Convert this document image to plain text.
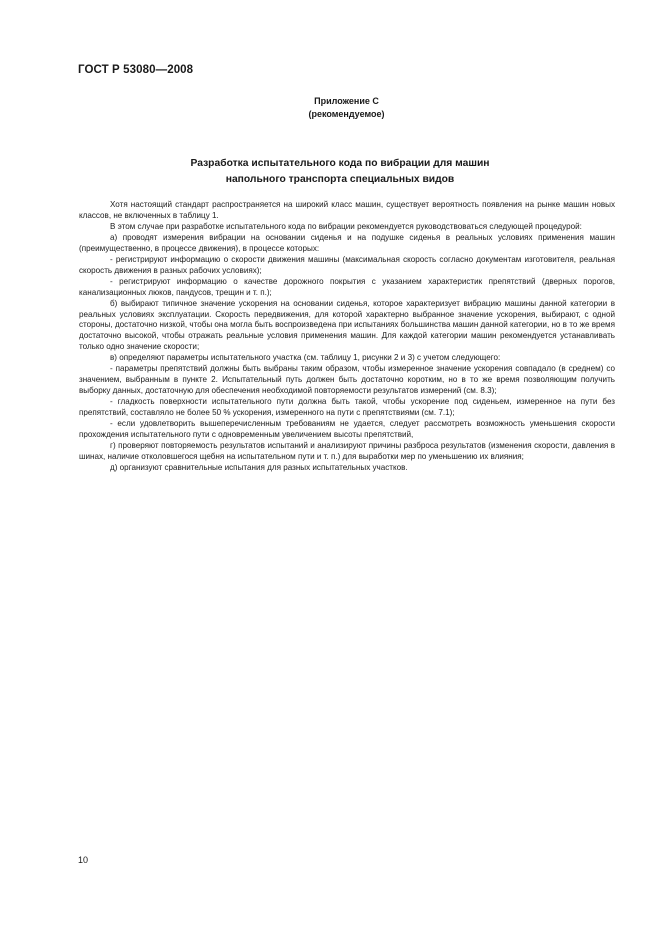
ГОСТ Р 53080—2008
Приложение С
(рекомендуемое)
Разработка испытательного кода по вибрации для машин
напольного транспорта специальных видов

Хотя настоящий стандарт распространяется на широкий класс машин, существует вероятность появления на рынке машин новых классов, не включенных в таблицу 1.

В этом случае при разработке испытательного кода по вибрации рекомендуется руководствоваться следующей процедурой:

а) проводят измерения вибрации на основании сиденья и на подушке сиденья в реальных условиях применения машин (преимущественно, в процессе движения), в процессе которых:

- регистрируют информацию о скорости движения машины (максимальная скорость согласно документам изготовителя, реальная скорость движения в разных рабочих условиях);

- регистрируют информацию о качестве дорожного покрытия с указанием характеристик препятствий (дверных порогов, канализационных люков, пандусов, трещин и т. п.);

б) выбирают типичное значение ускорения на основании сиденья, которое характеризует вибрацию машины данной категории в реальных условиях эксплуатации. Скорость передвижения, для которой характерно выбранное значение ускорения, выбирают, с одной стороны, достаточно низкой, чтобы она могла быть воспроизведена при испытаниях большинства машин данной категории, но в то же время достаточно высокой, чтобы отражать реальные условия применения машин. Для каждой категории машин рекомендуется устанавливать только одно значение скорости;

в) определяют параметры испытательного участка (см. таблицу 1, рисунки 2 и 3) с учетом следующего:

- параметры препятствий должны быть выбраны таким образом, чтобы измеренное значение ускорения совпадало (в среднем) со значением, выбранным в пункте 2. Испытательный путь должен быть достаточно коротким, но в то же время позволяющим получить выборку данных, достаточную для обеспечения необходимой повторяемости результатов измерений (см. 8.3);

- гладкость поверхности испытательного пути должна быть такой, чтобы ускорение под сиденьем, измеренное на пути без препятствий, составляло не более 50 % ускорения, измеренного на пути с препятствиями (см. 7.1);

- если удовлетворить вышеперечисленным требованиям не удается, следует рассмотреть возможность уменьшения скорости прохождения испытательного пути с одновременным увеличением высоты препятствий,

г) проверяют повторяемость результатов испытаний и анализируют причины разброса результатов (изменения скорости, давления в шинах, наличие отколовшегося щебня на испытательном пути и т. п.) для выработки мер по уменьшению их влияния;

д) организуют сравнительные испытания для разных испытательных участков.

10
